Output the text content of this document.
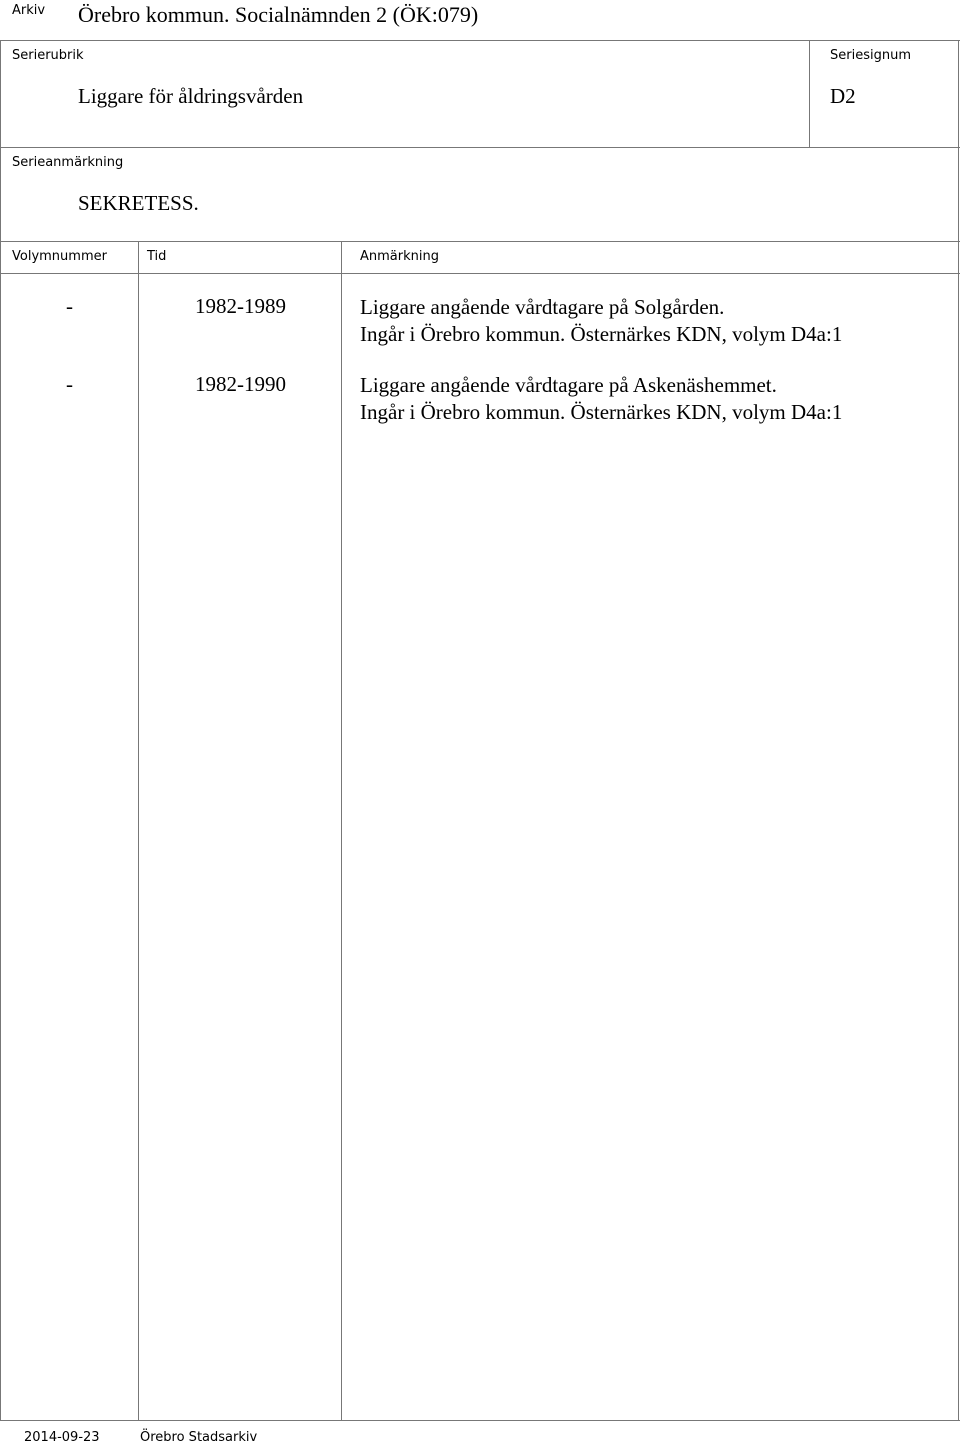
Arkiv Örebro kommun. Socialnämnden 2 (ÖK:079)
Serierubrik
Liggare för åldringsvården
Seriesignum
D2
Serieanmärkning
SEKRETESS.
Volymnummer	Tid	Anmärkning
-	1982-1989	Liggare angående vårdtagare på Solgården.
Ingår i Örebro kommun. Östernärkes KDN, volym D4a:1
-	1982-1990	Liggare angående vårdtagare på Askenäshemmet.
Ingår i Örebro kommun. Östernärkes KDN, volym D4a:1
2014-09-23	Örebro Stadsarkiv
